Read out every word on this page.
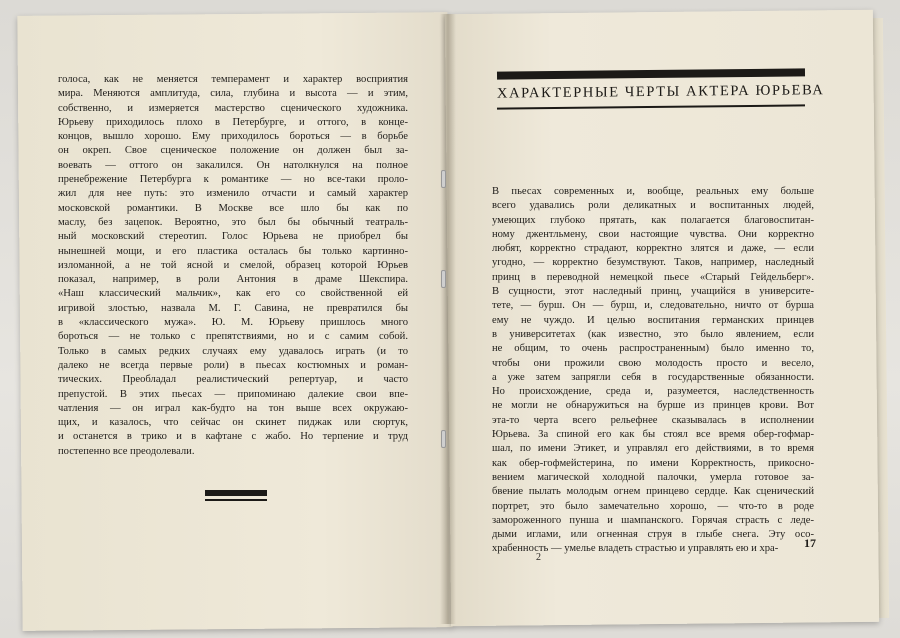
голоса, как не меняется темперамент и характер восприятия
мира. Меняются амплитуда, сила, глубина и высота — и этим,
собственно, и измеряется мастерство сценического художника.
Юрьеву приходилось плохо в Петербурге, и оттого, в конце-
концов, вышло хорошо. Ему приходилось бороться — в борьбе
он окреп. Свое сценическое положение он должен был за-
воевать — оттого он закалился. Он натолкнулся на полное
пренебрежение Петербурга к романтике — но все-таки проло-
жил для нее путь: это изменило отчасти и самый характер
московской романтики. В Москве все шло бы как по
маслу, без зацепок. Вероятно, это был бы обычный театраль-
ный московский стереотип. Голос Юрьева не приобрел бы
нынешней мощи, и его пластика осталась бы только картинно-
изломанной, а не той ясной и смелой, образец которой Юрьев
показал, например, в роли Антония в драме Шекспира.
«Наш классический мальчик», как его со свойственной ей
игривой злостью, назвала М. Г. Савина, не превратился бы
в «классического мужа». Ю. М. Юрьеву пришлось много
бороться — не только с препятствиями, но и с самим собой.
Только в самых редких случаях ему удавалось играть (и то
далеко не всегда первые роли) в пьесах костюмных и роман-
тических. Преобладал реалистический репертуар, и часто
препустой. В этих пьесах — припоминаю далекие свои впе-
чатления — он играл как-будто на тон выше всех окружаю-
щих, и казалось, что сейчас он скинет пиджак или сюртук,
и останется в трико и в кафтане с жабо. Но терпение и труд
постепенно все преодолевали.
ХАРАКТЕРНЫЕ ЧЕРТЫ АКТЕРА ЮРЬЕВА
В пьесах современных и, вообще, реальных ему больше
всего удавались роли деликатных и воспитанных людей,
умеющих глубоко прятать, как полагается благовоспитан-
ному джентльмену, свои настоящие чувства. Они корректно
любят, корректно страдают, корректно злятся и даже, — если
угодно, — корректно безумствуют. Таков, например, наследный
принц в переводной немецкой пьесе «Старый Гейдельберг».
В сущности, этот наследный принц, учащийся в университе-
тете, — бурш. Он — бурш, и, следовательно, ничто от бурша
ему не чуждо. И целью воспитания германских принцев
в университетах (как известно, это было явлением, если
не общим, то очень распространенным) было именно то,
чтобы они прожили свою молодость просто и весело,
а уже затем запрягли себя в государственные обязанности.
Но происхождение, среда и, разумеется, наследственность
не могли не обнаружиться на бурше из принцев крови. Вот
эта-то черта всего рельефнее сказывалась в исполнении
Юрьева. За спиной его как бы стоял все время обер-гофмар-
шал, по имени Этикет, и управлял его действиями, в то время
как обер-гофмейстерина, по имени Корректность, прикосно-
вением магической холодной палочки, умерла готовое за-
бвение пылать молодым огнем принцево сердце. Как сценический
портрет, это было замечательно хорошо, — что-то в роде
замороженного пунша и шампанского. Горячая страсть с леде-
дыми иглами, или огненная струя в глыбе снега. Эту осо-
храбенность — умелье владеть страстью и управлять ею и хра-
2
17
